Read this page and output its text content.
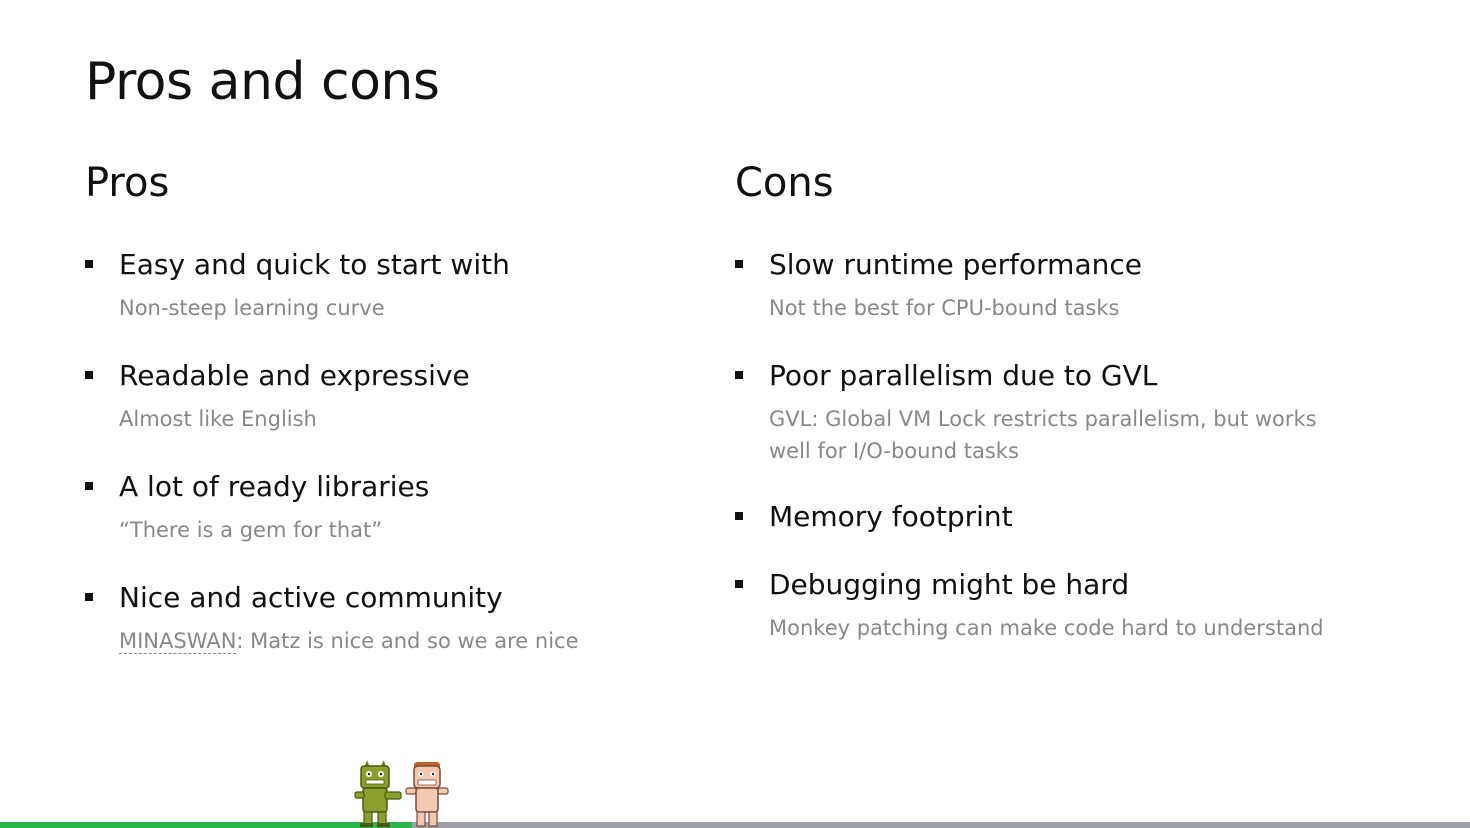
Pros and cons
Pros
Easy and quick to start with
Non-steep learning curve
Readable and expressive
Almost like English
A lot of ready libraries
“There is a gem for that”
Nice and active community
MINASWAN: Matz is nice and so we are nice
Cons
Slow runtime performance
Not the best for CPU-bound tasks
Poor parallelism due to GVL
GVL: Global VM Lock restricts parallelism, but works well for I/O-bound tasks
Memory footprint
Debugging might be hard
Monkey patching can make code hard to understand
